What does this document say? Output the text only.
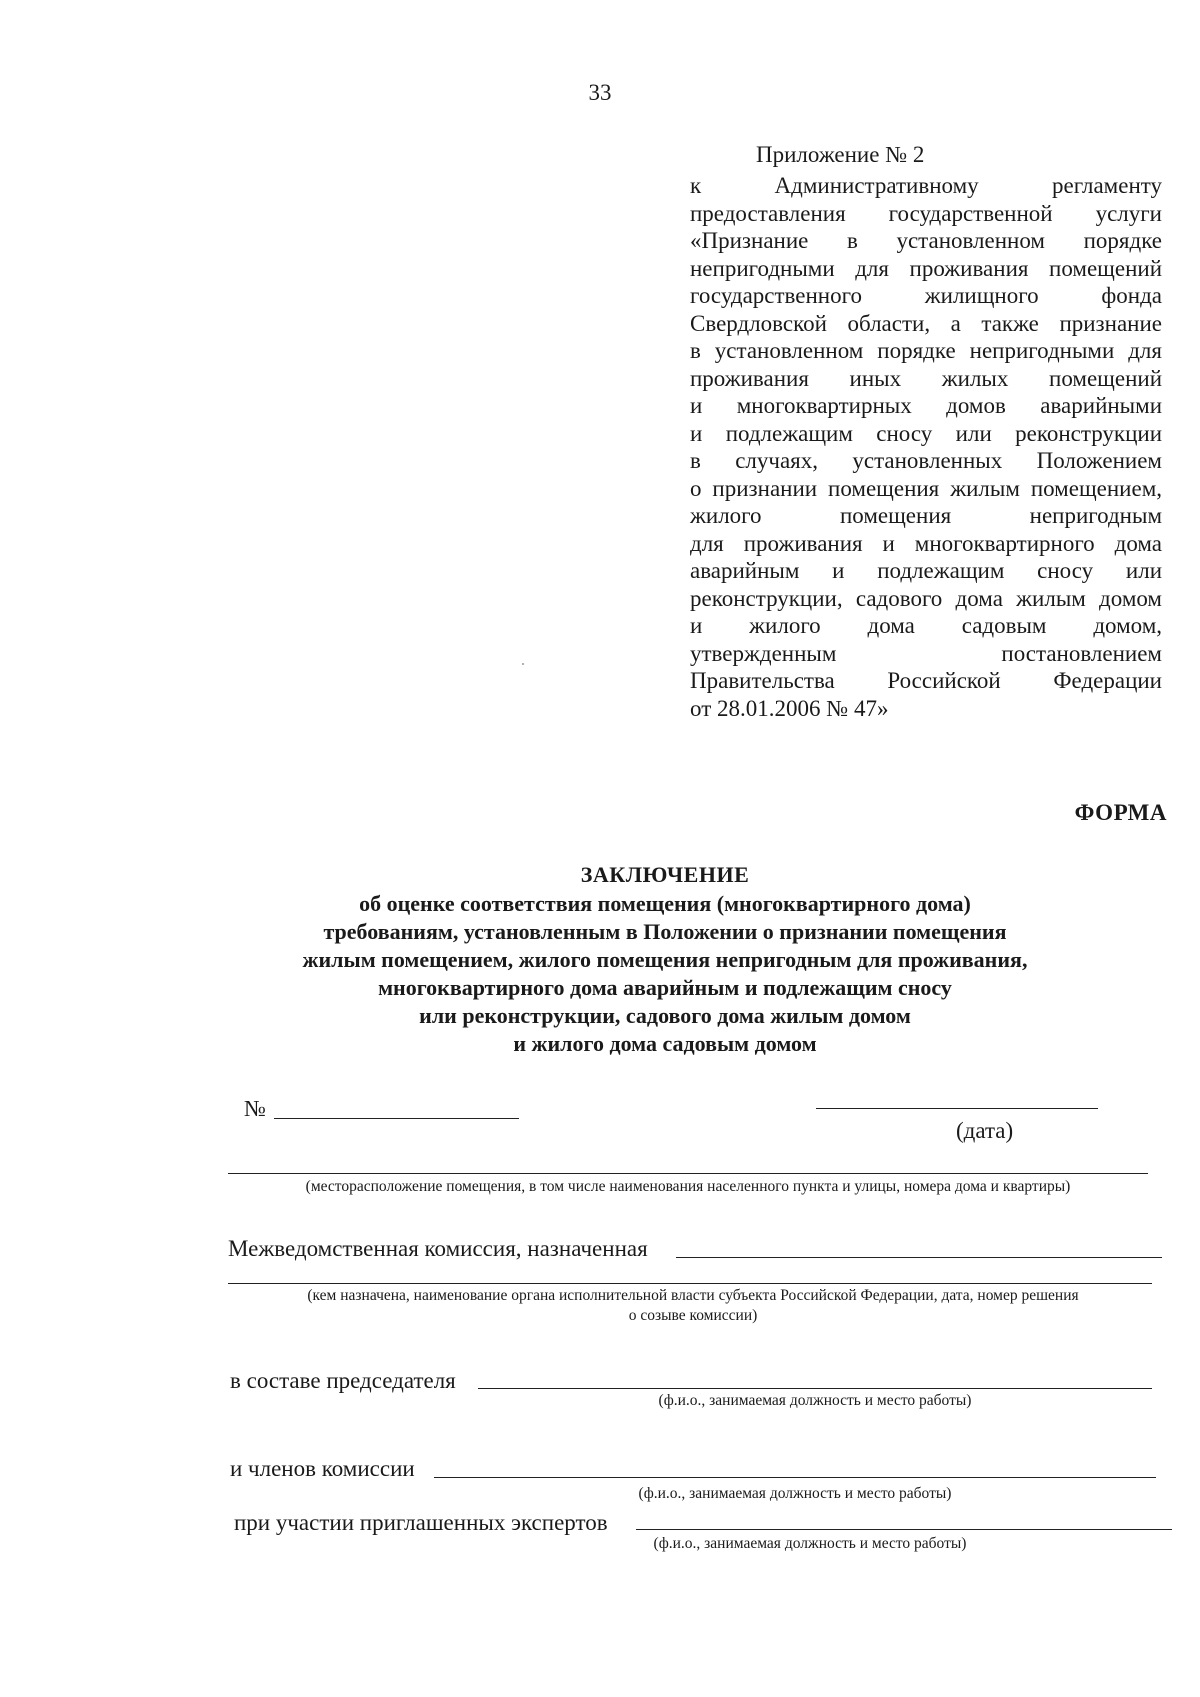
33
Приложение № 2
к Административному регламенту
предоставления государственной услуги
«Признание в установленном порядке
непригодными для проживания помещений
государственного жилищного фонда
Свердловской области, а также признание
в установленном порядке непригодными для
проживания иных жилых помещений
и многоквартирных домов аварийными
и подлежащим сносу или реконструкции
в случаях, установленных Положением
о признании помещения жилым помещением,
жилого помещения непригодным
для проживания и многоквартирного дома
аварийным и подлежащим сносу или
реконструкции, садового дома жилым домом
и жилого дома садовым домом,
утвержденным постановлением
Правительства Российской Федерации
от 28.01.2006 № 47»
ФОРМА
ЗАКЛЮЧЕНИЕ
об оценке соответствия помещения (многоквартирного дома)
требованиям, установленным в Положении о признании помещения
жилым помещением, жилого помещения непригодным для проживания,
многоквартирного дома аварийным и подлежащим сносу
или реконструкции, садового дома жилым домом
и жилого дома садовым домом
№
(дата)
(месторасположение помещения, в том числе наименования населенного пункта и улицы, номера дома и квартиры)
Межведомственная комиссия, назначенная
(кем назначена, наименование органа исполнительной власти субъекта Российской Федерации, дата, номер решения
о созыве комиссии)
в составе председателя
(ф.и.о., занимаемая должность и место работы)
и членов комиссии
(ф.и.о., занимаемая должность и место работы)
при участии приглашенных экспертов
(ф.и.о., занимаемая должность и место работы)
